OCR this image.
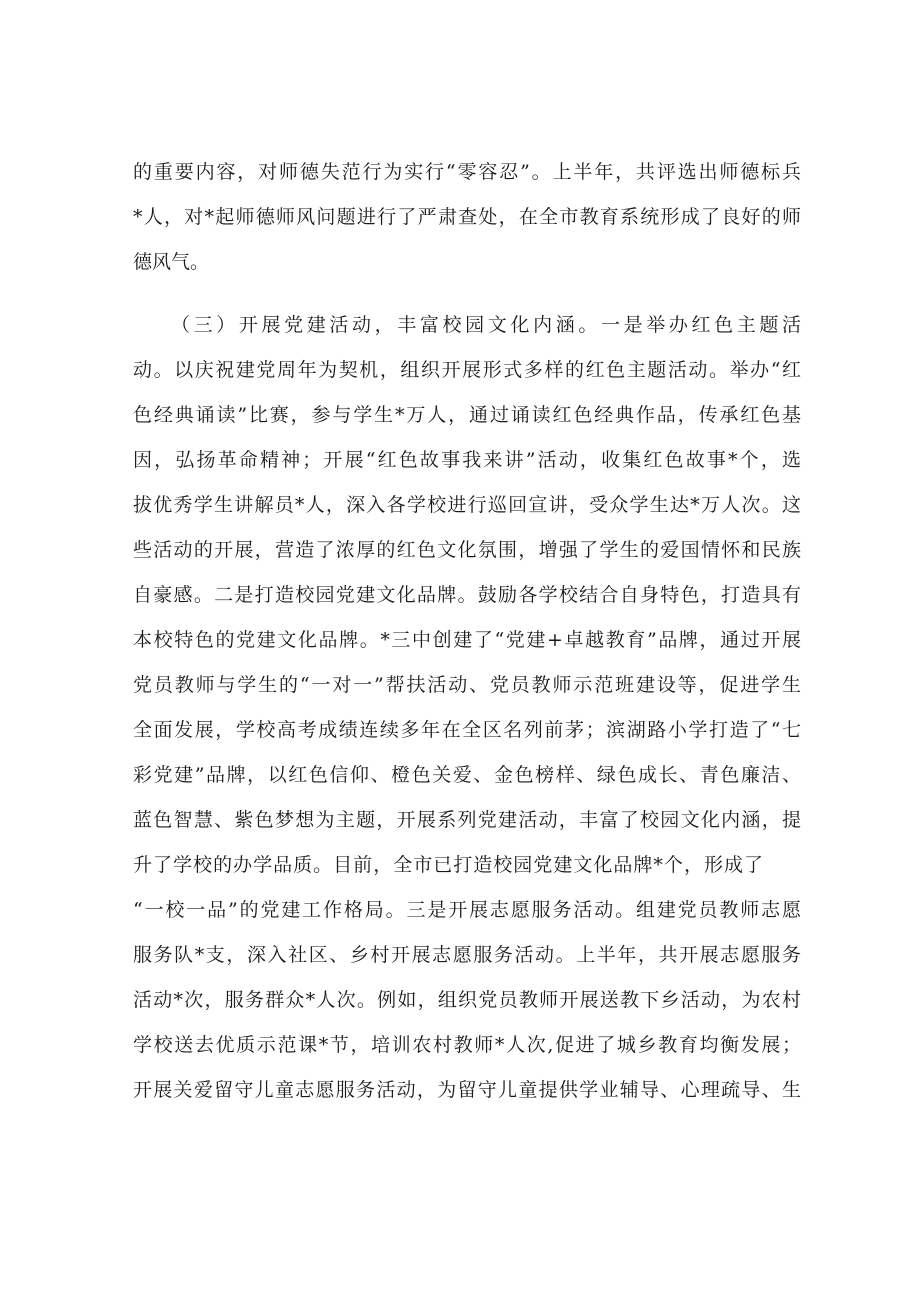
的重要内容，对师德失范行为实行“零容忍”。上半年，共评选出师德标兵
*人，对*起师德师风问题进行了严肃查处，在全市教育系统形成了良好的师
德风气。
（三）开展党建活动，丰富校园文化内涵。一是举办红色主题活
动。以庆祝建党周年为契机，组织开展形式多样的红色主题活动。举办“红
色经典诵读”比赛，参与学生*万人，通过诵读红色经典作品，传承红色基
因，弘扬革命精神；开展“红色故事我来讲”活动，收集红色故事*个，选
拔优秀学生讲解员*人，深入各学校进行巡回宣讲，受众学生达*万人次。这
些活动的开展，营造了浓厚的红色文化氛围，增强了学生的爱国情怀和民族
自豪感。二是打造校园党建文化品牌。鼓励各学校结合自身特色，打造具有
本校特色的党建文化品牌。*三中创建了“党建+卓越教育”品牌，通过开展
党员教师与学生的“一对一”帮扶活动、党员教师示范班建设等，促进学生
全面发展，学校高考成绩连续多年在全区名列前茅；滨湖路小学打造了“七
彩党建”品牌，以红色信仰、橙色关爱、金色榜样、绿色成长、青色廉洁、
蓝色智慧、紫色梦想为主题，开展系列党建活动，丰富了校园文化内涵，提
升了学校的办学品质。目前，全市已打造校园党建文化品牌*个，形成了
“一校一品”的党建工作格局。三是开展志愿服务活动。组建党员教师志愿
服务队*支，深入社区、乡村开展志愿服务活动。上半年，共开展志愿服务
活动*次，服务群众*人次。例如，组织党员教师开展送教下乡活动，为农村
学校送去优质示范课*节，培训农村教师*人次,促进了城乡教育均衡发展；
开展关爱留守儿童志愿服务活动，为留守儿童提供学业辅导、心理疏导、生
